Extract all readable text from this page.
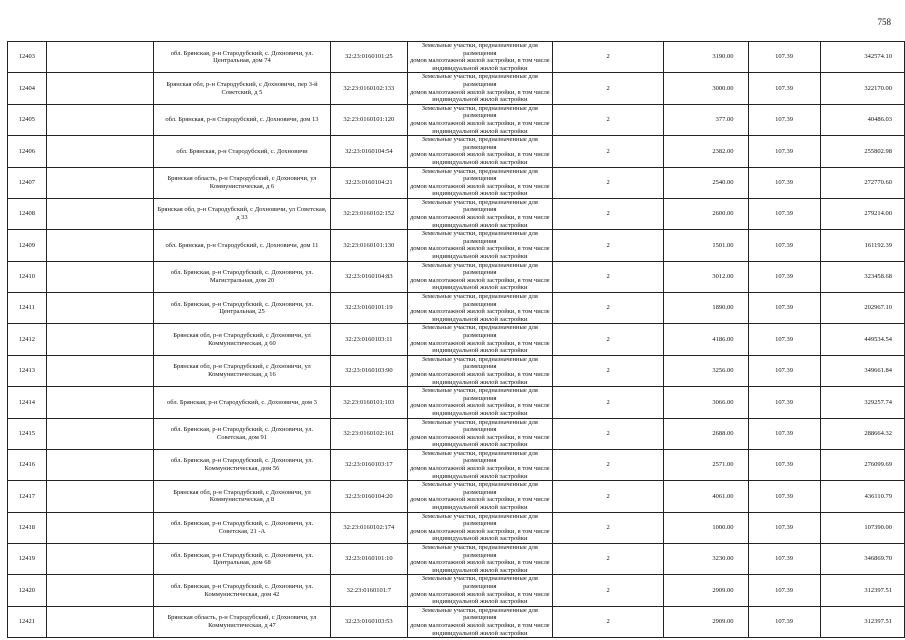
758
12403		обл. Брянская, р-н Стародубский, с. Дохновичи, ул. Центральная, дом 74	32:23:0160101:25	Земельные участки, предназначенные для размещения
домов малоэтажной жилой застройки, в том числе
индивидуальной жилой застройки	2	3190.00	107.39	342574.10
12404		Брянская обл, р-н Стародубский, с Дохновичи, пер 3-й Советский, д 5	32:23:0160102:133	Земельные участки, предназначенные для размещения
домов малоэтажной жилой застройки, в том числе
индивидуальной жилой застройки	2	3000.00	107.39	322170.00
12405		обл. Брянская, р-н Стародубский, с. Дохновичи, дом 13	32:23:0160101:120	Земельные участки, предназначенные для размещения
домов малоэтажной жилой застройки, в том числе
индивидуальной жилой застройки	2	377.00	107.39	40486.03
12406		обл. Брянская, р-н Стародубский, с. Дохновичи	32:23:0160104:54	Земельные участки, предназначенные для размещения
домов малоэтажной жилой застройки, в том числе
индивидуальной жилой застройки	2	2382.00	107.39	255802.98
12407		Брянская область, р-н Стародубский, с Дохновичи, ул Коммунистическая, д 6	32:23:0160104:21	Земельные участки, предназначенные для размещения
домов малоэтажной жилой застройки, в том числе
индивидуальной жилой застройки	2	2540.00	107.39	272770.60
12408		Брянская обл, р-н Стародубский, с Дохновичи, ул Советская, д 33	32:23:0160102:152	Земельные участки, предназначенные для размещения
домов малоэтажной жилой застройки, в том числе
индивидуальной жилой застройки	2	2600.00	107.39	279214.00
12409		обл. Брянская, р-н Стародубский, с. Дохновичи, дом 11	32:23:0160101:130	Земельные участки, предназначенные для размещения
домов малоэтажной жилой застройки, в том числе
индивидуальной жилой застройки	2	1501.00	107.39	161192.39
12410		обл. Брянская, р-н Стародубский, с. Дохновичи, ул. Магистральная, дом 20	32:23:0160104:83	Земельные участки, предназначенные для размещения
домов малоэтажной жилой застройки, в том числе
индивидуальной жилой застройки	2	3012.00	107.39	323458.68
12411		обл. Брянская, р-н Стародубский, с. Дохновичи, ул. Центральная, 25	32:23:0160101:19	Земельные участки, предназначенные для размещения
домов малоэтажной жилой застройки, в том числе
индивидуальной жилой застройки	2	1890.00	107.39	202967.10
12412		Брянская обл, р-н Стародубский, с Дохновичи, ул Коммунистическая, д 60	32:23:0160103:11	Земельные участки, предназначенные для размещения
домов малоэтажной жилой застройки, в том числе
индивидуальной жилой застройки	2	4186.00	107.39	449534.54
12413		Брянская обл, р-н Стародубский, с Дохновичи, ул Коммунистическая, д 16	32:23:0160103:90	Земельные участки, предназначенные для размещения
домов малоэтажной жилой застройки, в том числе
индивидуальной жилой застройки	2	3256.00	107.39	349661.84
12414		обл. Брянская, р-н Стародубский, с. Дохновичи, дом 3	32:23:0160101:103	Земельные участки, предназначенные для размещения
домов малоэтажной жилой застройки, в том числе
индивидуальной жилой застройки	2	3066.00	107.39	329257.74
12415		обл. Брянская, р-н Стародубский, с. Дохновичи, ул. Советская, дом 91	32:23:0160102:161	Земельные участки, предназначенные для размещения
домов малоэтажной жилой застройки, в том числе
индивидуальной жилой застройки	2	2688.00	107.39	288664.32
12416		обл. Брянская, р-н Стародубский, с. Дохновичи, ул. Коммунистическая, дом 56	32:23:0160103:17	Земельные участки, предназначенные для размещения
домов малоэтажной жилой застройки, в том числе
индивидуальной жилой застройки	2	2571.00	107.39	276099.69
12417		Брянская обл, р-н Стародубский, с Дохновичи, ул Коммунистическая, д 8	32:23:0160104:20	Земельные участки, предназначенные для размещения
домов малоэтажной жилой застройки, в том числе
индивидуальной жилой застройки	2	4061.00	107.39	436110.79
12418		обл. Брянская, р-н Стародубский, с. Дохновичи, ул. Советская, 21 -А	32:23:0160102:174	Земельные участки, предназначенные для размещения
домов малоэтажной жилой застройки, в том числе
индивидуальной жилой застройки	2	1000.00	107.39	107390.00
12419		обл. Брянская, р-н Стародубский, с. Дохновичи, ул. Центральная, дом 68	32:23:0160101:10	Земельные участки, предназначенные для размещения
домов малоэтажной жилой застройки, в том числе
индивидуальной жилой застройки	2	3230.00	107.39	346869.70
12420		обл. Брянская, р-н Стародубский, с. Дохновичи, ул. Коммунистическая, дом 42	32:23:0160101:7	Земельные участки, предназначенные для размещения
домов малоэтажной жилой застройки, в том числе
индивидуальной жилой застройки	2	2909.00	107.39	312397.51
12421		Брянская область, р-н Стародубский, с Дохновичи, ул Коммунистическая, д 47	32:23:0160103:53	Земельные участки, предназначенные для размещения
домов малоэтажной жилой застройки, в том числе
индивидуальной жилой застройки	2	2909.00	107.39	312397.51
